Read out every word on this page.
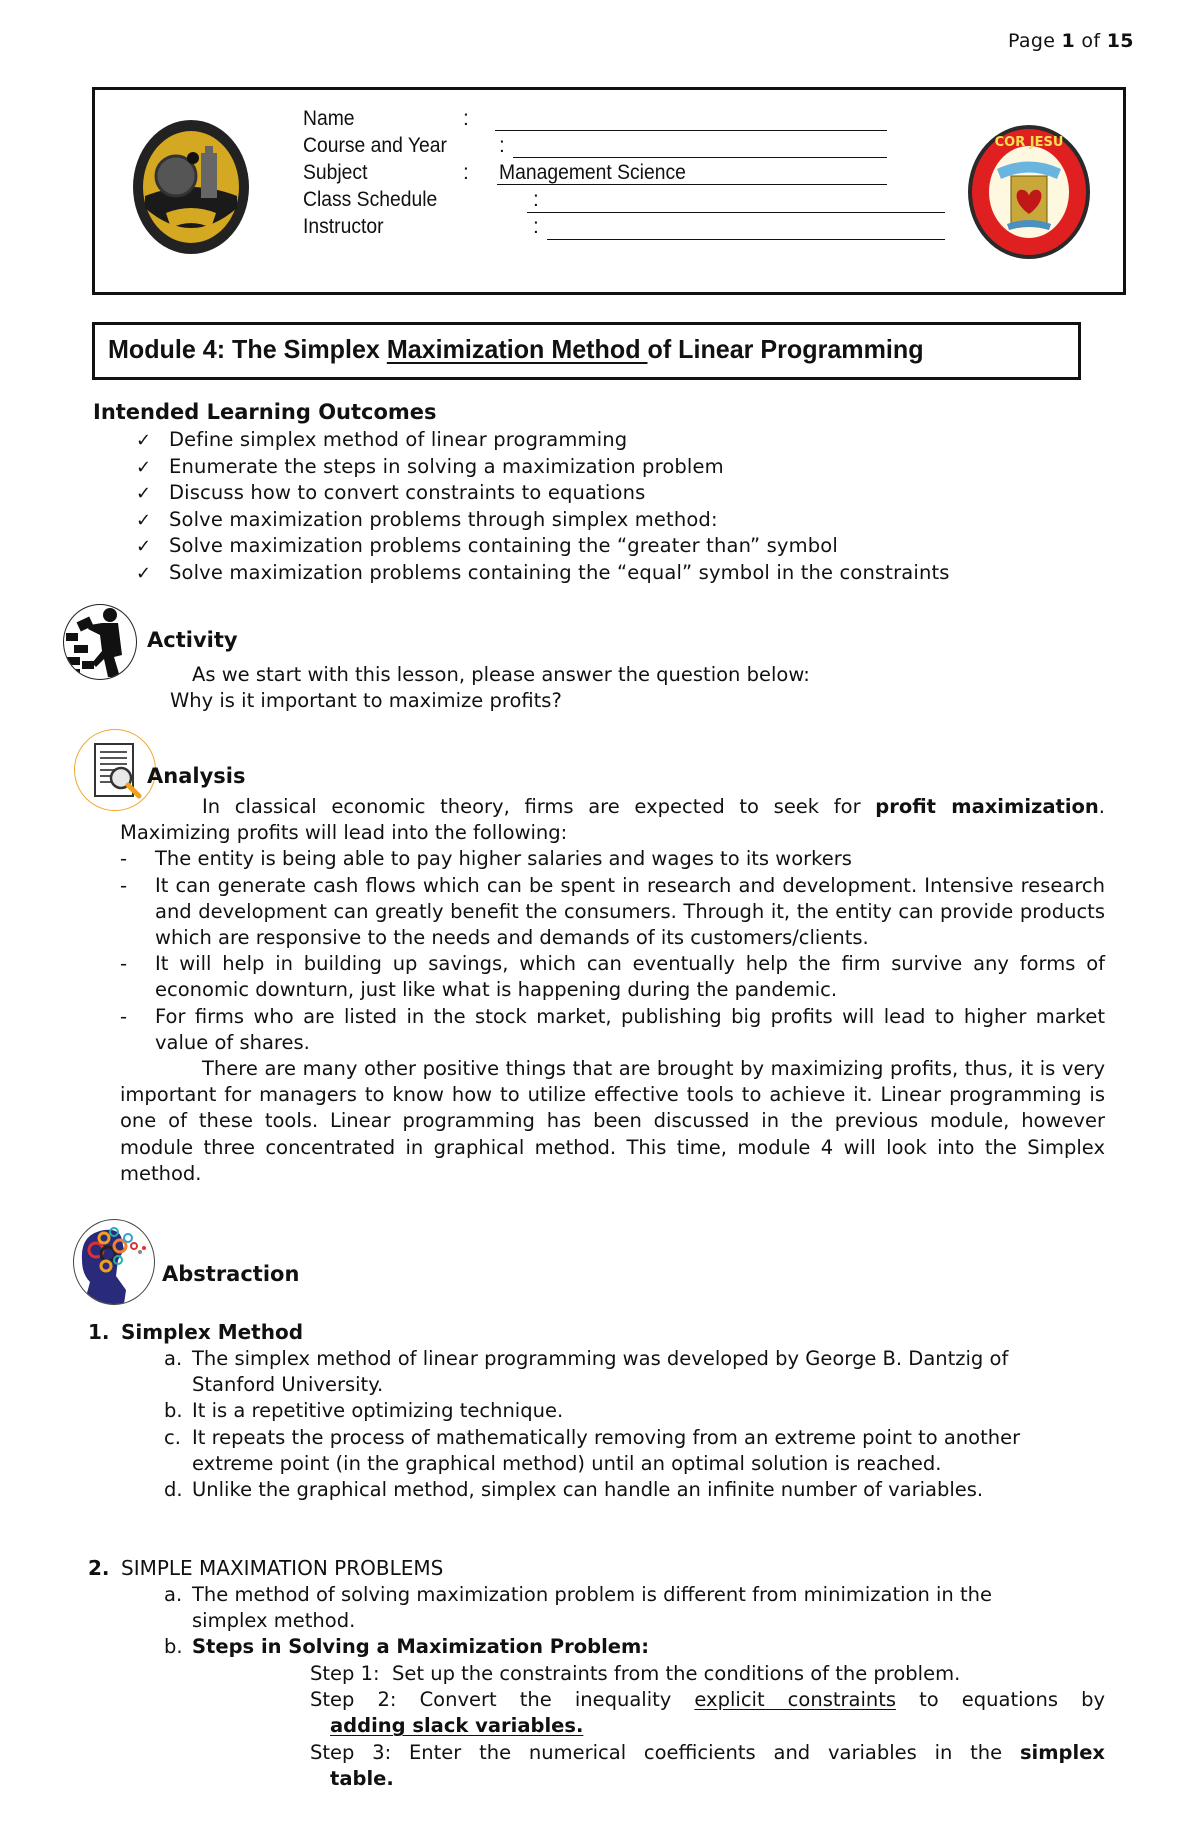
Page 1 of 15
Name	:
Course and Year :
Subject	: Management Science
Class Schedule	:
Instructor	:
COR JESU
Module 4: The Simplex Maximization Method of Linear Programming
Intended Learning Outcomes
✓ Define simplex method of linear programming
✓ Enumerate the steps in solving a maximization problem
✓ Discuss how to convert constraints to equations
✓ Solve maximization problems through simplex method:
✓ Solve maximization problems containing the “greater than” symbol
✓ Solve maximization problems containing the “equal” symbol in the constraints
Activity
As we start with this lesson, please answer the question below:
Why is it important to maximize profits?
Analysis
In classical economic theory, firms are expected to seek for profit maximization. Maximizing profits will lead into the following:
- The entity is being able to pay higher salaries and wages to its workers
- It can generate cash flows which can be spent in research and development. Intensive research and development can greatly benefit the consumers. Through it, the entity can provide products which are responsive to the needs and demands of its customers/clients.
- It will help in building up savings, which can eventually help the firm survive any forms of economic downturn, just like what is happening during the pandemic.
- For firms who are listed in the stock market, publishing big profits will lead to higher market value of shares.
There are many other positive things that are brought by maximizing profits, thus, it is very important for managers to know how to utilize effective tools to achieve it. Linear programming is one of these tools. Linear programming has been discussed in the previous module, however module three concentrated in graphical method. This time, module 4 will look into the Simplex method.
Abstraction
1. Simplex Method
a. The simplex method of linear programming was developed by George B. Dantzig of Stanford University.
b. It is a repetitive optimizing technique.
c. It repeats the process of mathematically removing from an extreme point to another extreme point (in the graphical method) until an optimal solution is reached.
d. Unlike the graphical method, simplex can handle an infinite number of variables.
2. SIMPLE MAXIMATION PROBLEMS
a. The method of solving maximization problem is different from minimization in the simplex method.
b. Steps in Solving a Maximization Problem:
Step 1: Set up the constraints from the conditions of the problem.
Step 2: Convert the inequality explicit constraints to equations by
adding slack variables.
Step 3: Enter the numerical coefficients and variables in the simplex
table.
